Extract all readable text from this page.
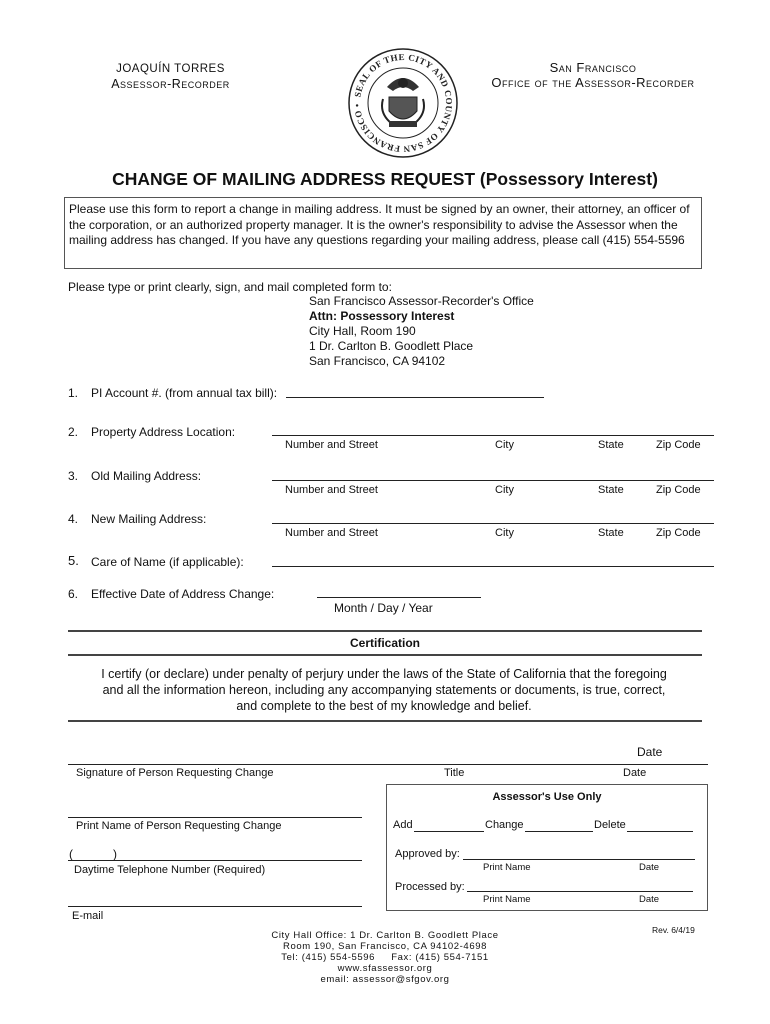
JOAQUÍN TORRES
Assessor-Recorder
SEAL OF THE CITY AND COUNTY OF SAN FRANCISCO •
San Francisco
Office of the Assessor-Recorder
CHANGE OF MAILING ADDRESS REQUEST (Possessory Interest)
Please use this form to report a change in mailing address. It must be signed by an owner, their attorney, an officer of the corporation, or an authorized property manager. It is the owner's responsibility to advise the Assessor when the mailing address has changed. If you have any questions regarding your mailing address, please call (415) 554-5596
Please type or print clearly, sign, and mail completed form to:
San Francisco Assessor-Recorder's Office
Attn: Possessory Interest
City Hall, Room 190
1 Dr. Carlton B. Goodlett Place
San Francisco, CA 94102
1. PI Account #. (from annual tax bill):
2. Property Address Location:
Number and Street	City	State	Zip Code
3. Old Mailing Address:
Number and Street	City	State	Zip Code
4. New Mailing Address:
Number and Street	City	State	Zip Code
5. Care of Name (if applicable):
6. Effective Date of Address Change:
Month / Day / Year
Certification
I certify (or declare) under penalty of perjury under the laws of the State of California that the foregoing
and all the information hereon, including any accompanying statements or documents, is true, correct,
and complete to the best of my knowledge and belief.
Date
Signature of Person Requesting Change	Title	Date
Print Name of Person Requesting Change
(            )
Daytime Telephone Number (Required)
E-mail
Assessor's Use Only
Add	Change	Delete
Approved by:
Print Name	Date
Processed by:
Print Name	Date
City Hall Office: 1 Dr. Carlton B. Goodlett Place
Room 190, San Francisco, CA 94102-4698
Tel: (415) 554-5596     Fax: (415) 554-7151
www.sfassessor.org
email: assessor@sfgov.org
Rev. 6/4/19
